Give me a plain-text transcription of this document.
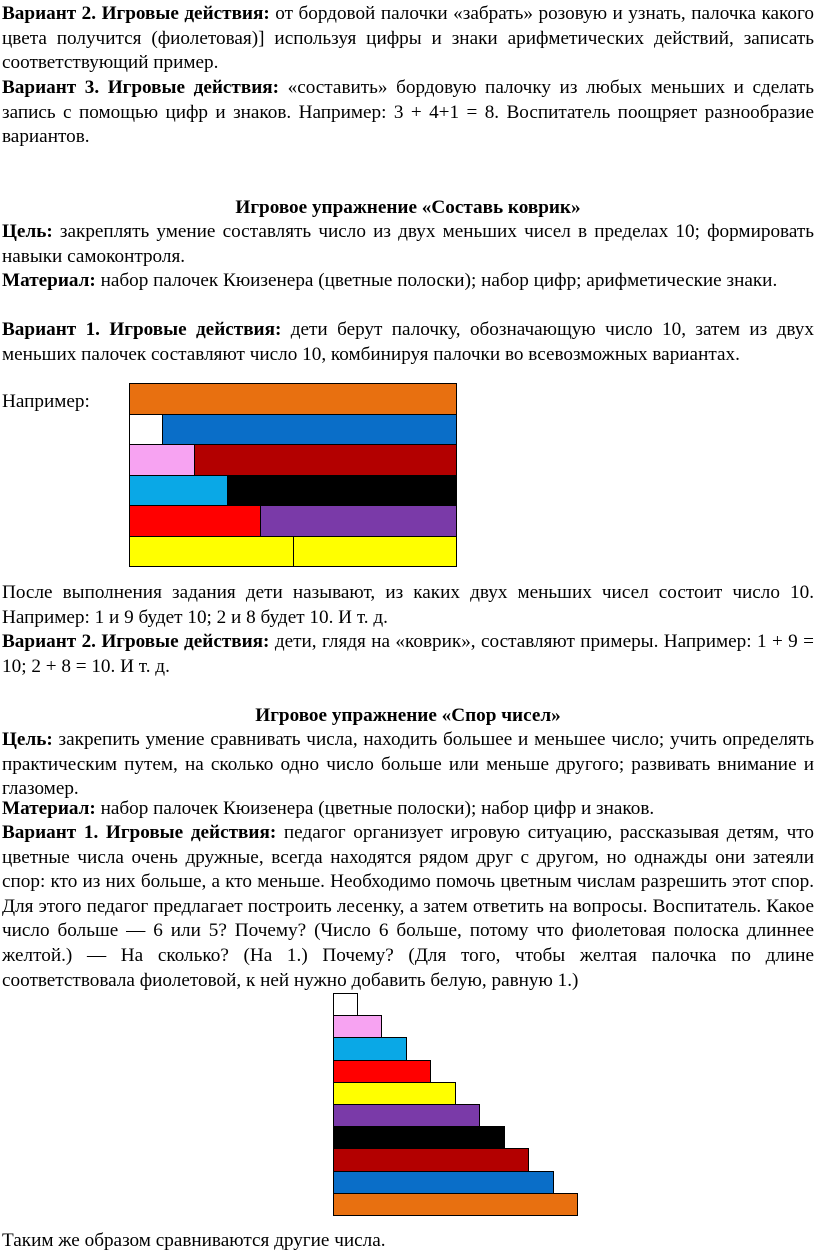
Вариант 2. Игровые действия: от бордовой палочки «забрать» розовую и узнать, палочка какого цвета получится (фиолетовая)] используя цифры и знаки арифметических действий, записать соответствующий пример.

Вариант 3. Игровые действия: «составить» бордовую палочку из любых меньших и сделать запись с помощью цифр и знаков. Например: 3 + 4+1 = 8. Воспитатель поощряет разнообразие вариантов.

Игровое упражнение «Составь коврик»

Цель: закреплять умение составлять число из двух меньших чисел в пределах 10; формировать навыки самоконтроля.

Материал: набор палочек Кюизенера (цветные полоски); набор цифр; арифметические знаки.

Вариант 1. Игровые действия: дети берут палочку, обозначающую число 10, затем из двух меньших палочек составляют число 10, комбинируя палочки во всевозможных вариантах.

Например:

После выполнения задания дети называют, из каких двух меньших чисел состоит число 10. Например: 1 и 9 будет 10; 2 и 8 будет 10. И т. д.

Вариант 2. Игровые действия: дети, глядя на «коврик», составляют примеры. Например: 1 + 9 = 10; 2 + 8 = 10. И т. д.

Игровое упражнение «Спор чисел»

Цель: закрепить умение сравнивать числа, находить большее и меньшее число; учить определять практическим путем, на сколько одно число больше или меньше другого; развивать внимание и глазомер.

Материал: набор палочек Кюизенера (цветные полоски); набор цифр и знаков.

Вариант 1. Игровые действия: педагог организует игровую ситуацию, рассказывая детям, что цветные числа очень дружные, всегда находятся рядом друг с другом, но однажды они затеяли спор: кто из них больше, а кто меньше. Необходимо помочь цветным числам разрешить этот спор. Для этого педагог предлагает построить лесенку, а затем ответить на вопросы. Воспитатель. Какое число больше — 6 или 5? Почему? (Число 6 больше, потому что фиолетовая полоска длиннее желтой.) — На сколько? (На 1.) Почему? (Для того, чтобы желтая палочка по длине соответствовала фиолетовой, к ней нужно добавить белую, равную 1.)

Таким же образом сравниваются другие числа.
